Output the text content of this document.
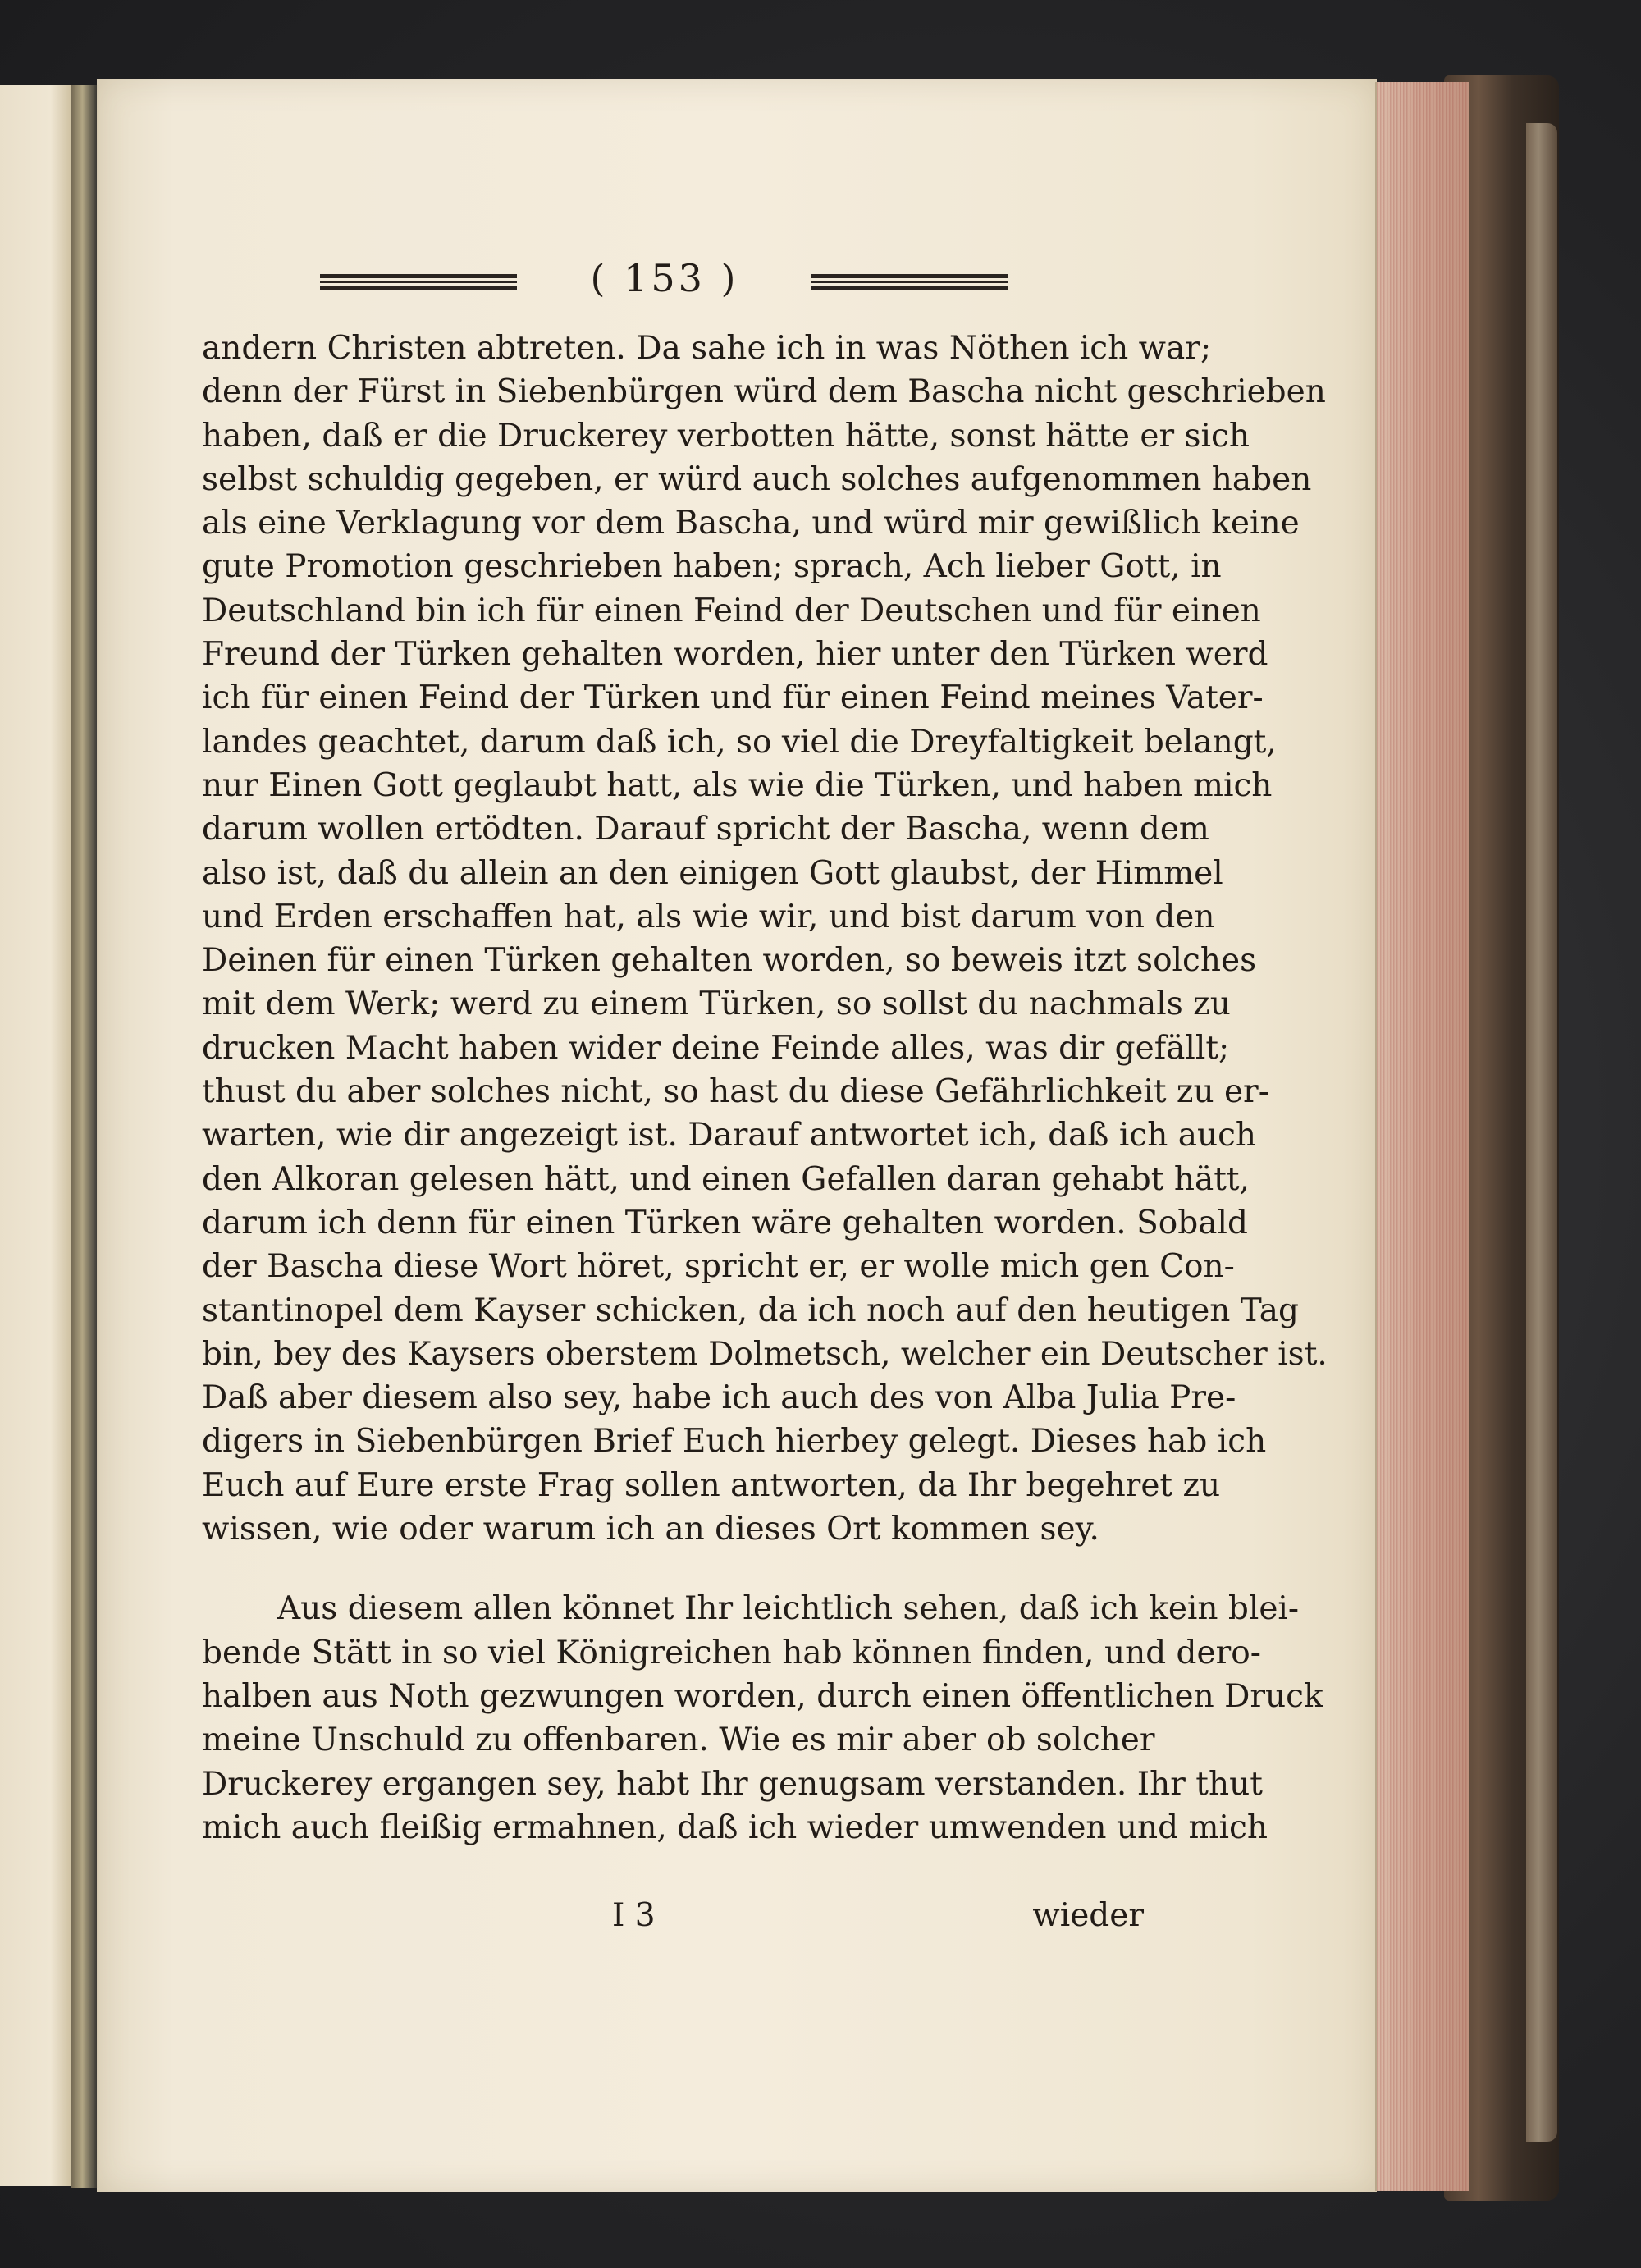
( 153 )
andern Christen abtreten. Da sahe ich in was Nöthen ich war;
denn der Fürst in Siebenbürgen würd dem Bascha nicht geschrieben
haben, daß er die Druckerey verbotten hätte, sonst hätte er sich
selbst schuldig gegeben, er würd auch solches aufgenommen haben
als eine Verklagung vor dem Bascha, und würd mir gewißlich keine
gute Promotion geschrieben haben; sprach, Ach lieber Gott, in
Deutschland bin ich für einen Feind der Deutschen und für einen
Freund der Türken gehalten worden, hier unter den Türken werd
ich für einen Feind der Türken und für einen Feind meines Vater-
landes geachtet, darum daß ich, so viel die Dreyfaltigkeit belangt,
nur Einen Gott geglaubt hatt, als wie die Türken, und haben mich
darum wollen ertödten. Darauf spricht der Bascha, wenn dem
also ist, daß du allein an den einigen Gott glaubst, der Himmel
und Erden erschaffen hat, als wie wir, und bist darum von den
Deinen für einen Türken gehalten worden, so beweis itzt solches
mit dem Werk; werd zu einem Türken, so sollst du nachmals zu
drucken Macht haben wider deine Feinde alles, was dir gefällt;
thust du aber solches nicht, so hast du diese Gefährlichkeit zu er-
warten, wie dir angezeigt ist. Darauf antwortet ich, daß ich auch
den Alkoran gelesen hätt, und einen Gefallen daran gehabt hätt,
darum ich denn für einen Türken wäre gehalten worden. Sobald
der Bascha diese Wort höret, spricht er, er wolle mich gen Con-
stantinopel dem Kayser schicken, da ich noch auf den heutigen Tag
bin, bey des Kaysers oberstem Dolmetsch, welcher ein Deutscher ist.
Daß aber diesem also sey, habe ich auch des von Alba Julia Pre-
digers in Siebenbürgen Brief Euch hierbey gelegt. Dieses hab ich
Euch auf Eure erste Frag sollen antworten, da Ihr begehret zu
wissen, wie oder warum ich an dieses Ort kommen sey.
Aus diesem allen könnet Ihr leichtlich sehen, daß ich kein blei-
bende Stätt in so viel Königreichen hab können finden, und dero-
halben aus Noth gezwungen worden, durch einen öffentlichen Druck
meine Unschuld zu offenbaren. Wie es mir aber ob solcher
Druckerey ergangen sey, habt Ihr genugsam verstanden. Ihr thut
mich auch fleißig ermahnen, daß ich wieder umwenden und mich
I 3	wieder
